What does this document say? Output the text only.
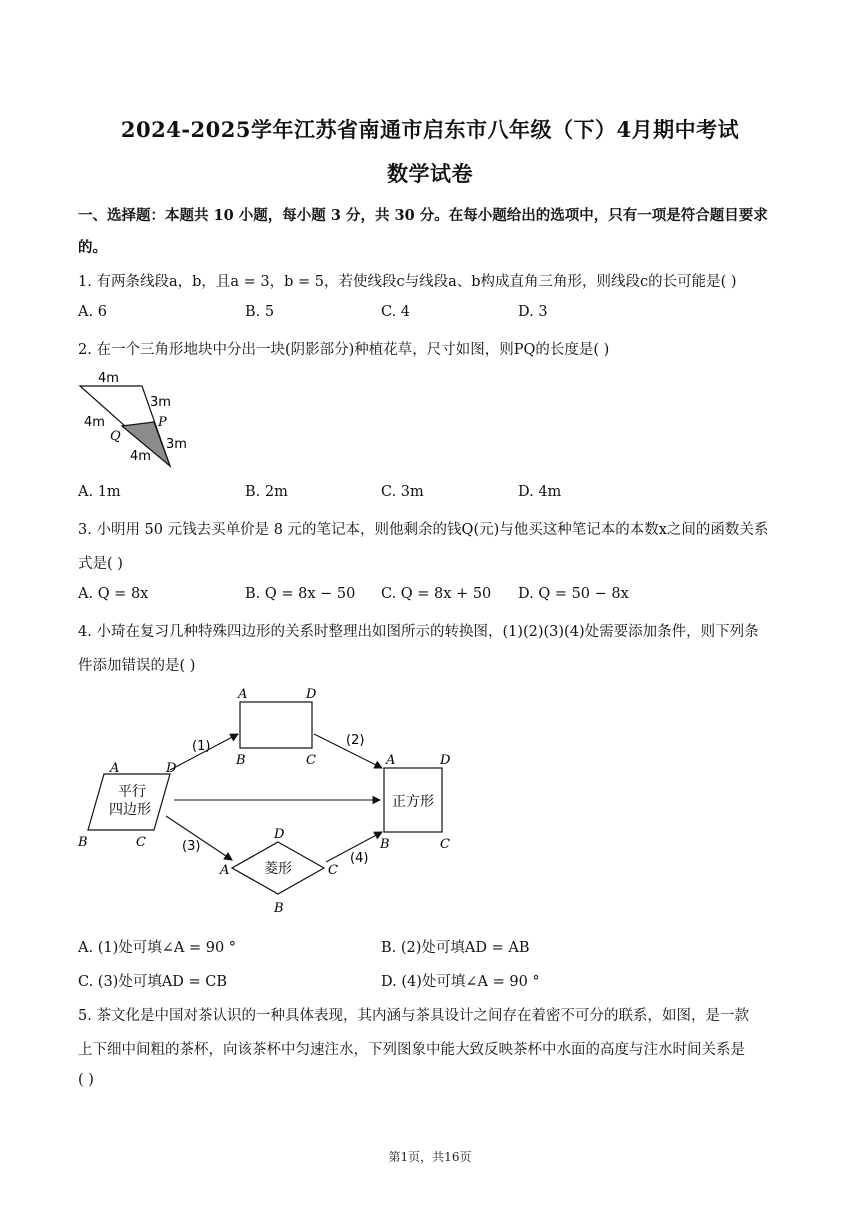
2024-2025学年江苏省南通市启东市八年级（下）4月期中考试
数学试卷
一、选择题：本题共 10 小题，每小题 3 分，共 30 分。在每小题给出的选项中，只有一项是符合题目要求
的。
1. 有两条线段a，b，且a = 3，b = 5，若使线段c与线段a、b构成直角三角形，则线段c的长可能是( )
A. 6	B. 5	C. 4	D. 3
2. 在一个三角形地块中分出一块(阴影部分)种植花草，尺寸如图，则PQ的长度是( )
4m
3m
4m
Q
P
3m
4m
A. 1m	B. 2m	C. 3m	D. 4m
3. 小明用 50 元钱去买单价是 8 元的笔记本，则他剩余的钱Q(元)与他买这种笔记本的本数x之间的函数关系
式是( )
A. Q = 8x	B. Q = 8x − 50 C. Q = 8x + 50 D. Q = 50 − 8x
4. 小琦在复习几种特殊四边形的关系时整理出如图所示的转换图，(1)(2)(3)(4)处需要添加条件，则下列条
件添加错误的是( )
平行
四边形
A	D
B	C
A	D
B	C
正方形
A	D
B	C
菱形
D
A	C
B
(1)	(2)
(3)
(4)
A. (1)处可填∠A = 90 °	B. (2)处可填AD = AB
C. (3)处可填AD = CB	D. (4)处可填∠A = 90 °
5. 茶文化是中国对茶认识的一种具体表现，其内涵与茶具设计之间存在着密不可分的联系，如图，是一款
上下细中间粗的茶杯，向该茶杯中匀速注水，下列图象中能大致反映茶杯中水面的高度与注水时间关系是
( )
第1页，共16页
